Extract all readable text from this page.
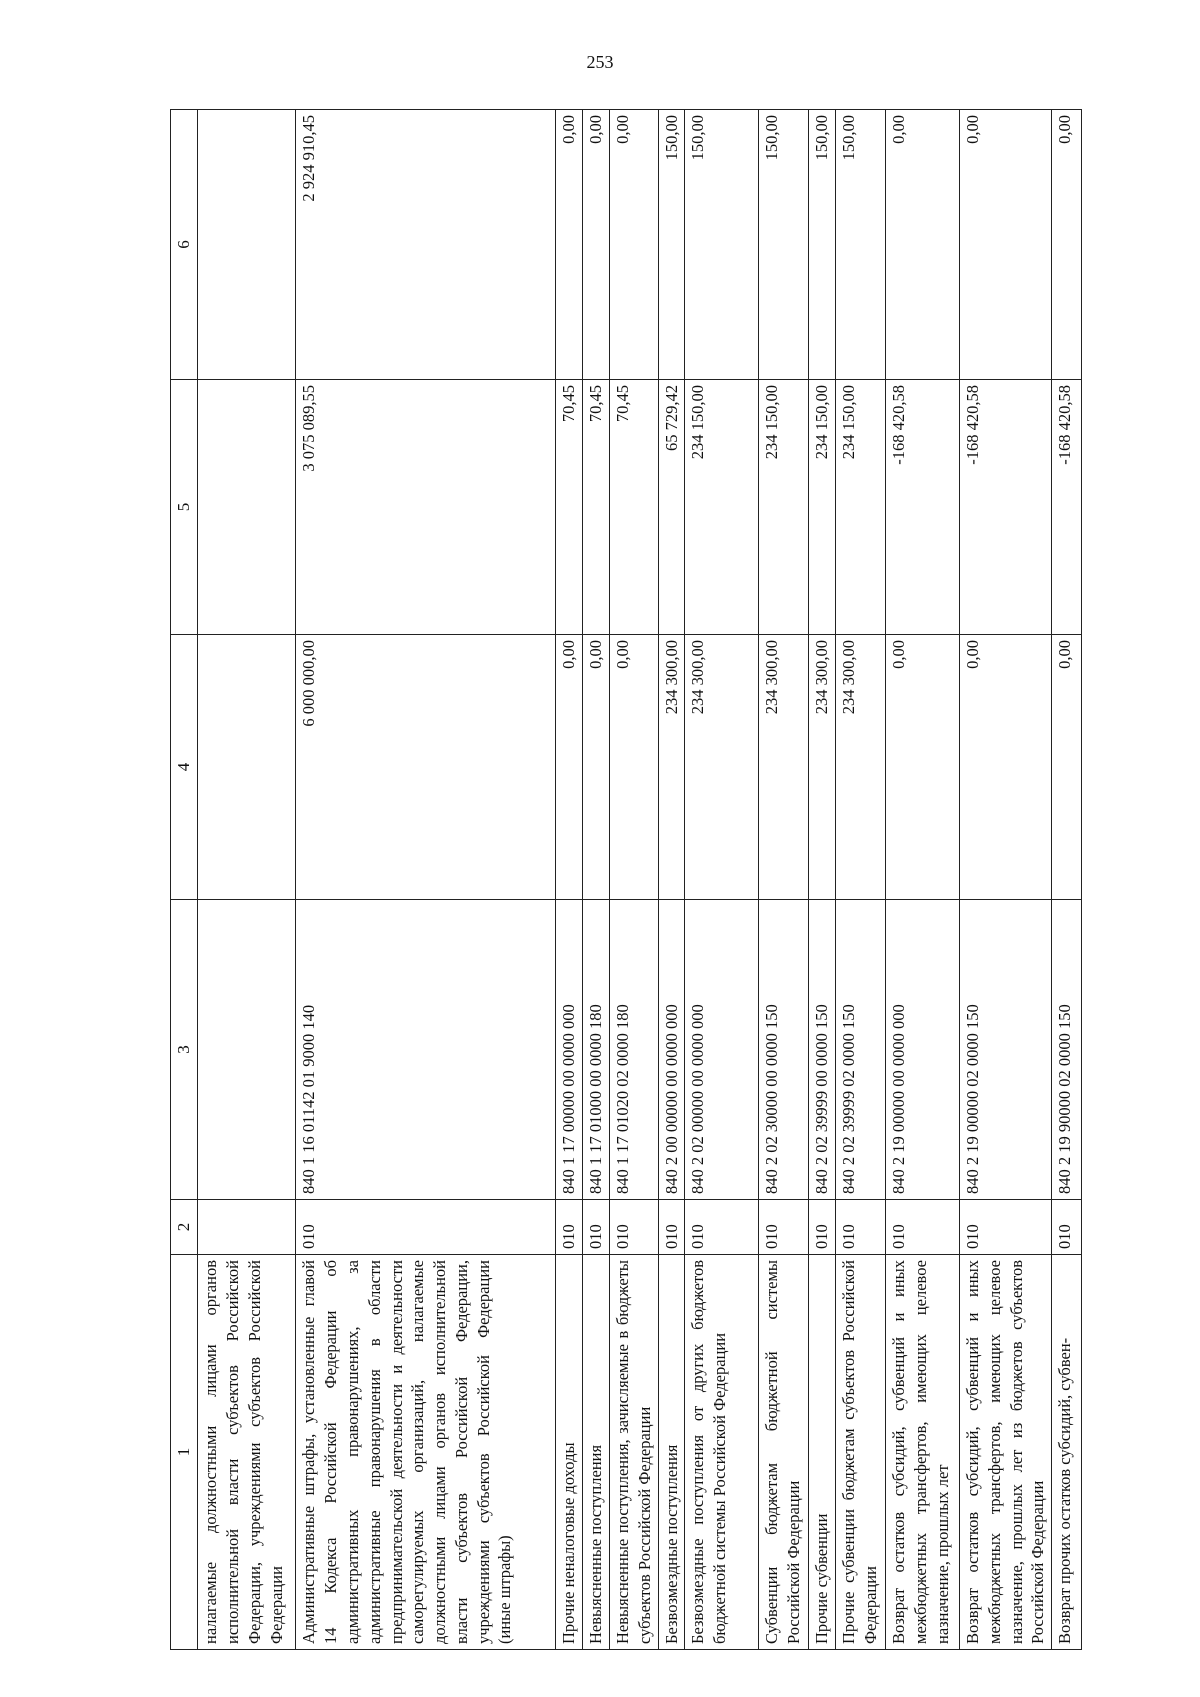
253
1	2	3	4	5	6
налагаемые должностными лицами органов исполнительной власти субъектов Российской Федерации, учреждениями субъектов Российской Федерации					
Административные штрафы, установленные главой 14 Кодекса Российской Федерации об административных правонарушениях, за административные правонарушения в области предпринимательской деятельности и деятельности саморегулируемых организаций, налагаемые должностными лицами органов исполнительной власти субъектов Российской Федерации, учреждениями субъектов Российской Федерации (иные штрафы)	010	840 1 16 01142 01 9000 140	6 000 000,00	3 075 089,55	2 924 910,45
Прочие неналоговые доходы	010	840 1 17 00000 00 0000 000	0,00	70,45	0,00
Невыясненные поступления	010	840 1 17 01000 00 0000 180	0,00	70,45	0,00
Невыясненные поступления, зачисляемые в бюджеты субъектов Российской Федерации	010	840 1 17 01020 02 0000 180	0,00	70,45	0,00
Безвозмездные поступления	010	840 2 00 00000 00 0000 000	234 300,00	65 729,42	150,00
Безвозмездные поступления от других бюджетов бюджетной системы Российской Федерации	010	840 2 02 00000 00 0000 000	234 300,00	234 150,00	150,00
Субвенции бюджетам бюджетной системы Российской Федерации	010	840 2 02 30000 00 0000 150	234 300,00	234 150,00	150,00
Прочие субвенции	010	840 2 02 39999 00 0000 150	234 300,00	234 150,00	150,00
Прочие субвенции бюджетам субъектов Российской Федерации	010	840 2 02 39999 02 0000 150	234 300,00	234 150,00	150,00
Возврат остатков субсидий, субвенций и иных межбюджетных трансфертов, имеющих целевое назначение, прошлых лет	010	840 2 19 00000 00 0000 000	0,00	-168 420,58	0,00
Возврат остатков субсидий, субвенций и иных межбюджетных трансфертов, имеющих целевое назначение, прошлых лет из бюджетов субъектов Российской Федерации	010	840 2 19 00000 02 0000 150	0,00	-168 420,58	0,00
Возврат прочих остатков субсидий, субвен-	010	840 2 19 90000 02 0000 150	0,00	-168 420,58	0,00
